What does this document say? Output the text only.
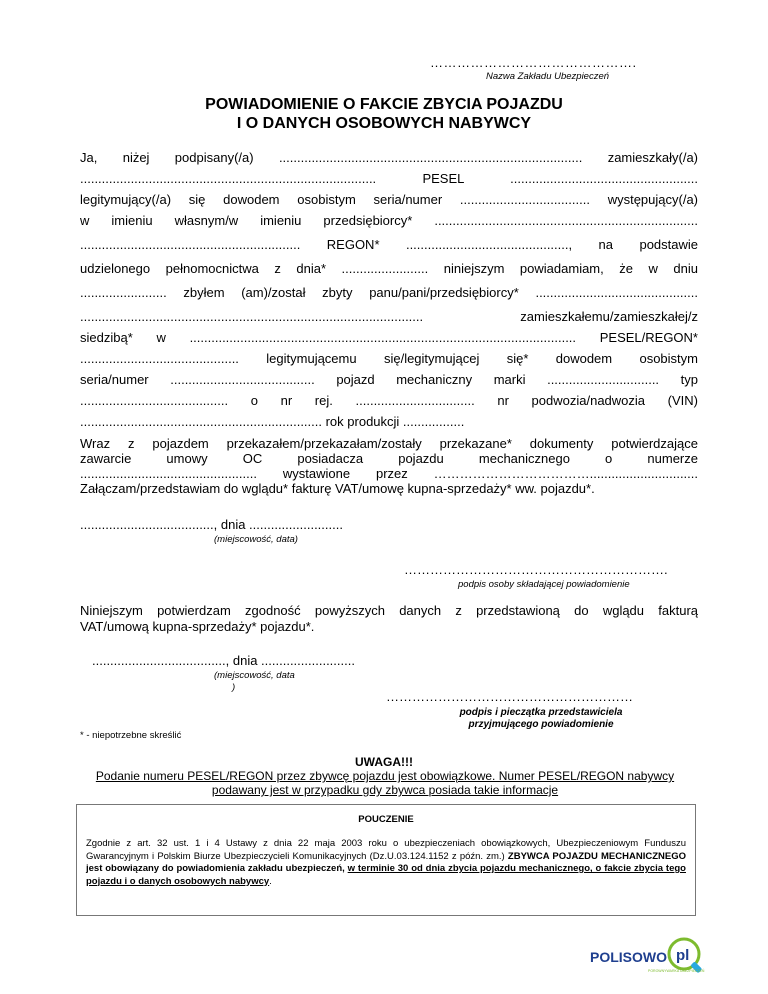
……………………………………….
Nazwa Zakładu Ubezpieczeń
POWIADOMIENIE O FAKCIE ZBYCIA POJAZDU
I O DANYCH OSOBOWYCH NABYWCY
Ja, niżej podpisany(/a) .................................................................................... zamieszkały(/a)
.................................................................................. PESEL ....................................................
legitymujący(/a) się dowodem osobistym seria/numer .................................... występujący(/a)
w imieniu własnym/w imieniu przedsiębiorcy* .........................................................................
............................................................. REGON* ............................................., na podstawie
udzielonego pełnomocnictwa z dnia* ........................ niniejszym powiadamiam, że w dniu
........................ zbyłem (am)/został zbyty panu/pani/przedsiębiorcy* .............................................
............................................................................................... zamieszkałemu/zamieszkałej/z
siedzibą* w ........................................................................................................... PESEL/REGON*
............................................ legitymującemu się/legitymującej się* dowodem osobistym
seria/numer ........................................ pojazd mechaniczny marki ............................... typ
......................................... o nr rej. ................................. nr podwozia/nadwozia (VIN)
................................................................... rok produkcji .................
Wraz z pojazdem przekazałem/przekazałam/zostały przekazane* dokumenty potwierdzające
zawarcie umowy OC posiadacza pojazdu mechanicznego o numerze
................................................. wystawione przez ………………………………..............................
Załączam/przedstawiam do wglądu* fakturę VAT/umowę kupna-sprzedaży* ww. pojazdu*.
....................................., dnia ..........................
(miejscowość, data)
…………………………………………………….
podpis osoby składającej powiadomienie
Niniejszym potwierdzam zgodność powyższych danych z przedstawioną do wglądu fakturą
VAT/umową kupna-sprzedaży* pojazdu*.
....................................., dnia ..........................
(miejscowość, data
)
…………………………………………………
podpis i pieczątka przedstawiciela
przyjmującego powiadomienie
* - niepotrzebne skreślić
UWAGA!!!
Podanie numeru PESEL/REGON przez zbywcę pojazdu jest obowiązkowe. Numer PESEL/REGON nabywcy podawany jest w przypadku gdy zbywca posiada takie informacje
POUCZENIE
Zgodnie z art. 32 ust. 1 i 4 Ustawy z dnia 22 maja 2003 roku o ubezpieczeniach obowiązkowych, Ubezpieczeniowym Funduszu Gwarancyjnym i Polskim Biurze Ubezpieczycieli Komunikacyjnych (Dz.U.03.124.1152 z późn. zm.) ZBYWCA POJAZDU MECHANICZNEGO jest obowiązany do powiadomienia zakładu ubezpieczeń, w terminie 30 od dnia zbycia pojazdu mechanicznego, o fakcie zbycia tego pojazdu i o danych osobowych nabywcy.
POLISOWO pl
POROWNYWARKA UBEZPIECZEŃ
